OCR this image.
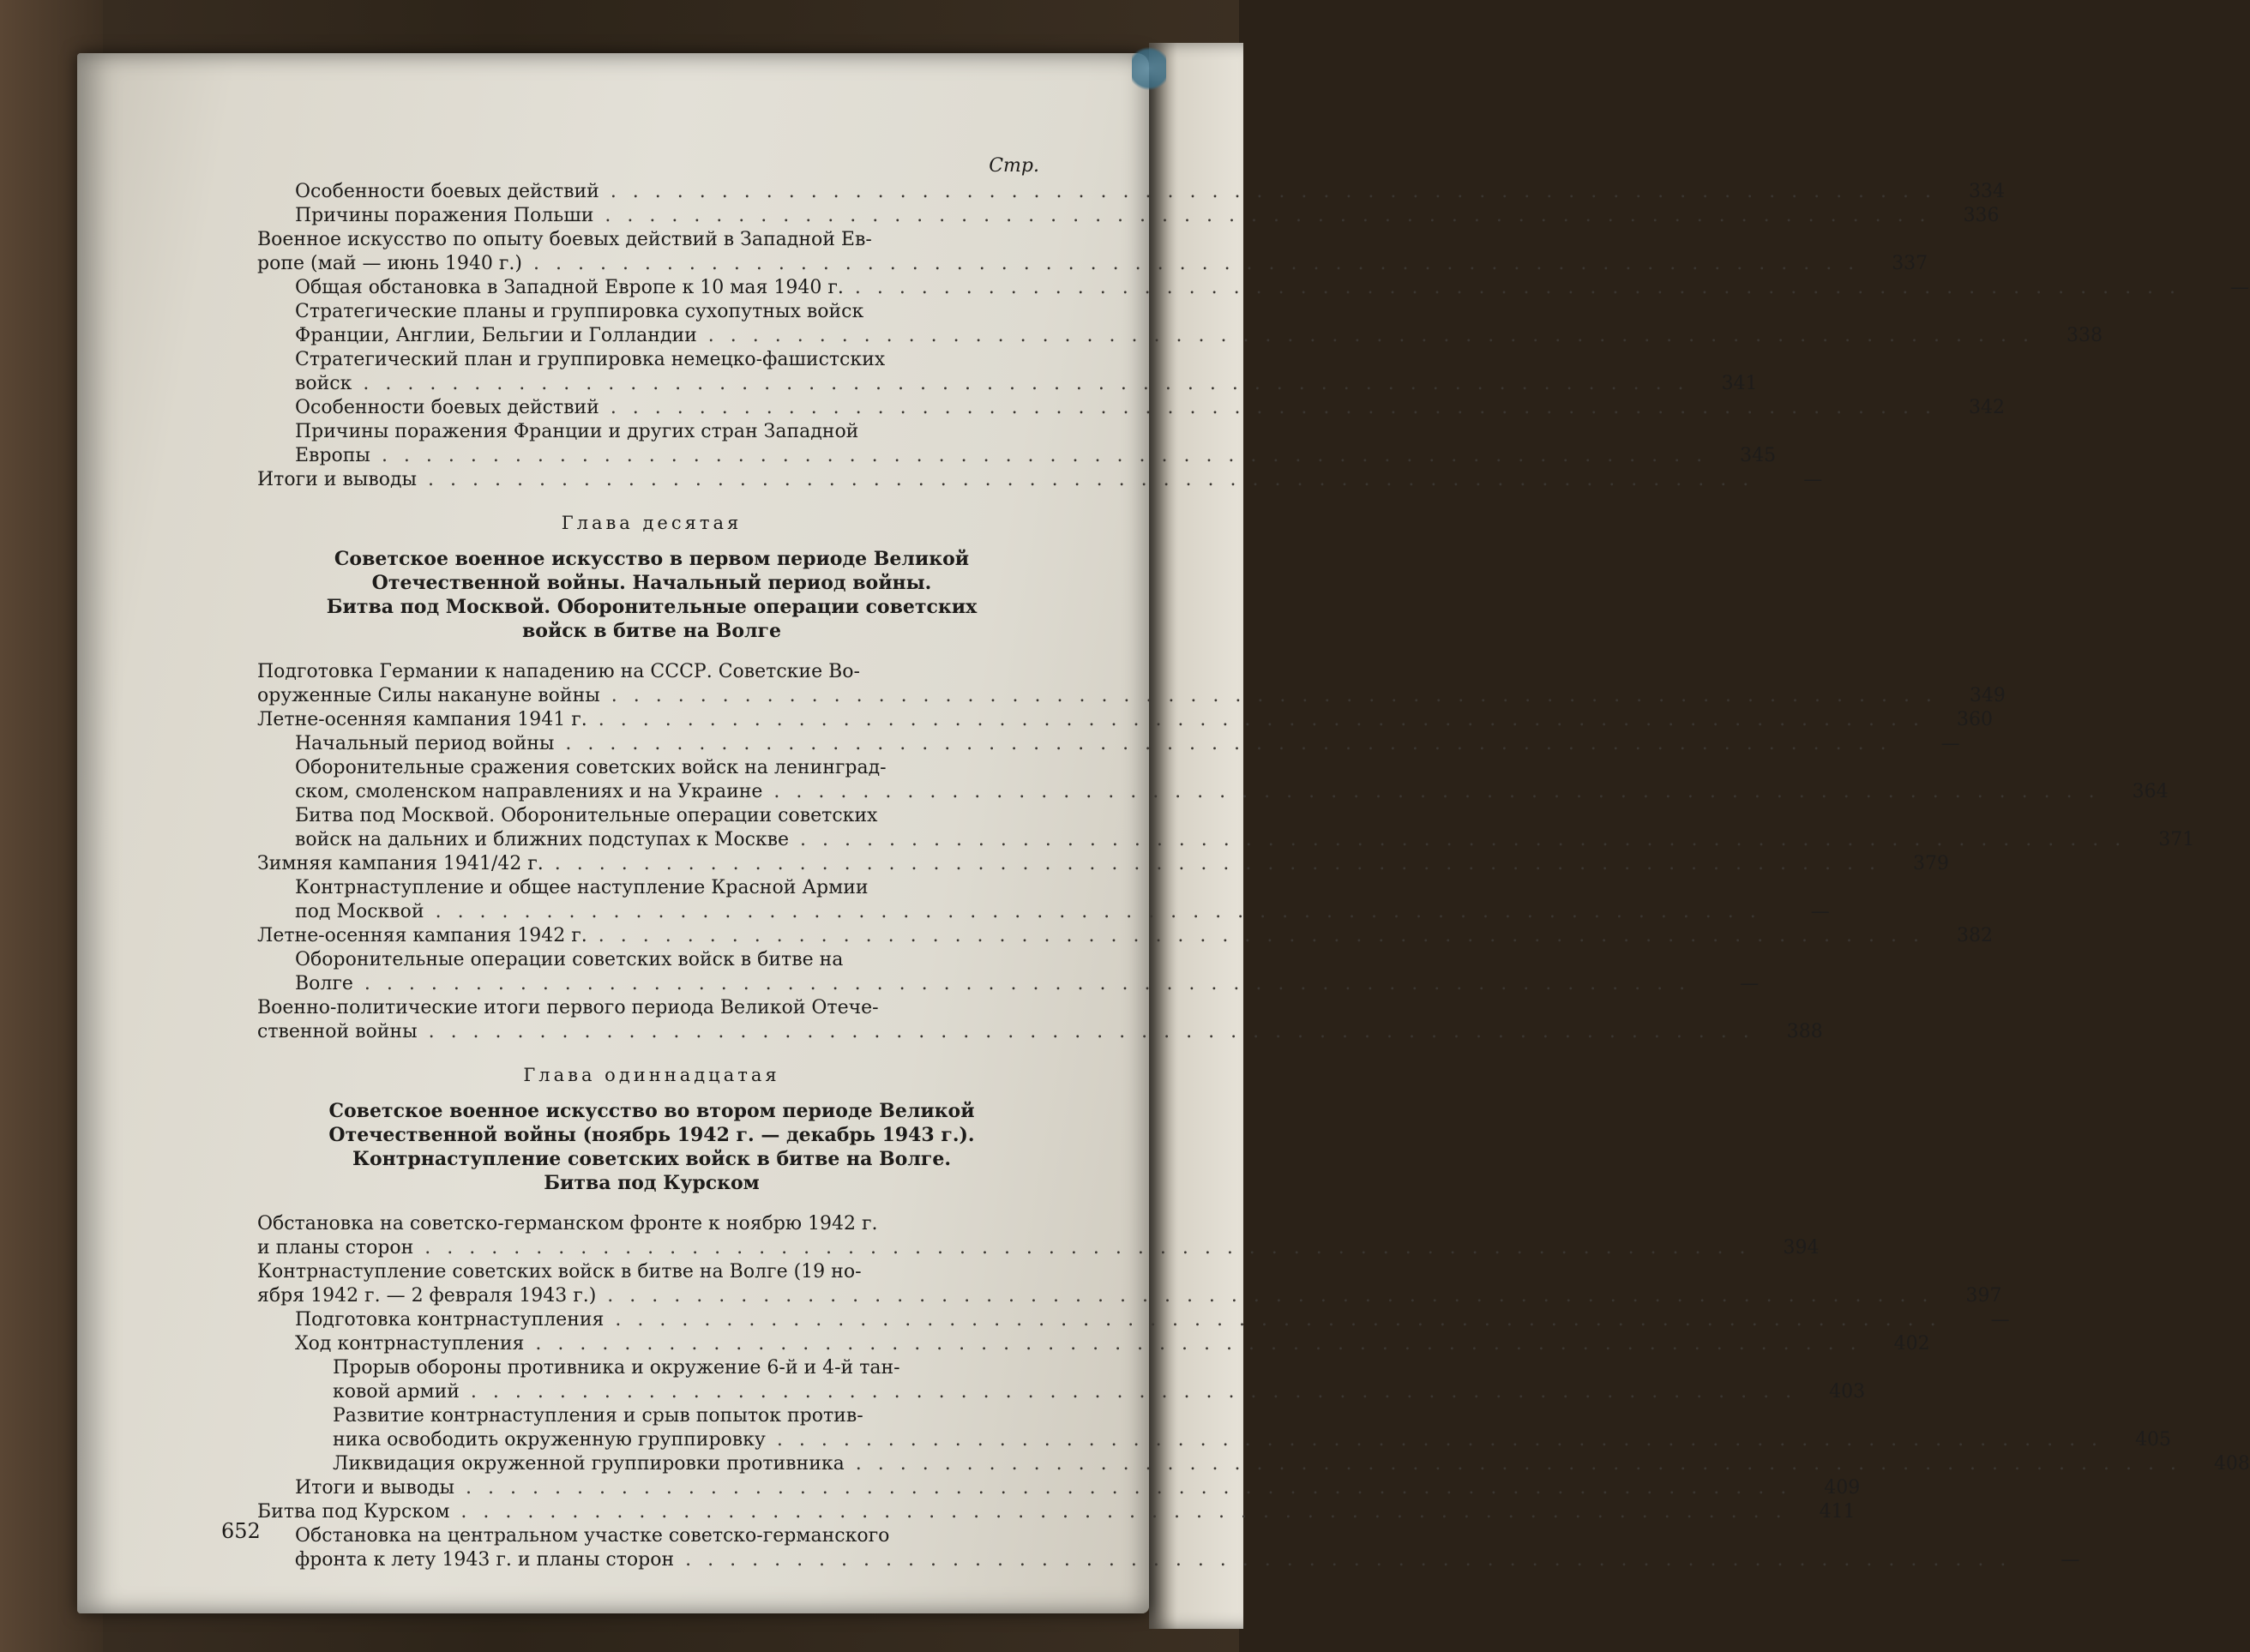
Стр.
Особенности боевых действий . . . . . . . . . . . . . . . . . . . . . . . . . . . . . . . . . . . . . . . . . . . . . . . . . . . . . . . . . . . .	334
Причины поражения Польши . . . . . . . . . . . . . . . . . . . . . . . . . . . . . . . . . . . . . . . . . . . . . . . . . . . . . . . . . . . .	336
Военное искусство по опыту боевых действий в Западной Ев-
ропе (май — июнь 1940 г.) . . . . . . . . . . . . . . . . . . . . . . . . . . . . . . . . . . . . . . . . . . . . . . . . . . . . . . . . . . . .	337
Общая обстановка в Западной Европе к 10 мая 1940 г. . . . . . . . . . . . . . . . . . . . . . . . . . . . . . . . . . . . . . . . . . . . . . . . . . . . . . . . . . . . .	—
Стратегические планы и группировка сухопутных войск
Франции, Англии, Бельгии и Голландии . . . . . . . . . . . . . . . . . . . . . . . . . . . . . . . . . . . . . . . . . . . . . . . . . . . . . . . . . . . .	338
Стратегический план и группировка немецко-фашистских
войск . . . . . . . . . . . . . . . . . . . . . . . . . . . . . . . . . . . . . . . . . . . . . . . . . . . . . . . . . . . .	341
Особенности боевых действий . . . . . . . . . . . . . . . . . . . . . . . . . . . . . . . . . . . . . . . . . . . . . . . . . . . . . . . . . . . .	342
Причины поражения Франции и других стран Западной
Европы . . . . . . . . . . . . . . . . . . . . . . . . . . . . . . . . . . . . . . . . . . . . . . . . . . . . . . . . . . . .	345
Итоги и выводы . . . . . . . . . . . . . . . . . . . . . . . . . . . . . . . . . . . . . . . . . . . . . . . . . . . . . . . . . . . .	—
Глава десятая
Советское военное искусство в первом периоде Великой
Отечественной войны. Начальный период войны.
Битва под Москвой. Оборонительные операции советских
войск в битве на Волге
Подготовка Германии к нападению на СССР. Советские Во-
оруженные Силы накануне войны . . . . . . . . . . . . . . . . . . . . . . . . . . . . . . . . . . . . . . . . . . . . . . . . . . . . . . . . . . . .	349
Летне-осенняя кампания 1941 г. . . . . . . . . . . . . . . . . . . . . . . . . . . . . . . . . . . . . . . . . . . . . . . . . . . . . . . . . . . . .	360
Начальный период войны . . . . . . . . . . . . . . . . . . . . . . . . . . . . . . . . . . . . . . . . . . . . . . . . . . . . . . . . . . . .	—
Оборонительные сражения советских войск на ленинград-
ском, смоленском направлениях и на Украине . . . . . . . . . . . . . . . . . . . . . . . . . . . . . . . . . . . . . . . . . . . . . . . . . . . . . . . . . . . .	364
Битва под Москвой. Оборонительные операции советских
войск на дальних и ближних подступах к Москве . . . . . . . . . . . . . . . . . . . . . . . . . . . . . . . . . . . . . . . . . . . . . . . . . . . . . . . . . . . .	371
Зимняя кампания 1941/42 г. . . . . . . . . . . . . . . . . . . . . . . . . . . . . . . . . . . . . . . . . . . . . . . . . . . . . . . . . . . . .	379
Контрнаступление и общее наступление Красной Армии
под Москвой . . . . . . . . . . . . . . . . . . . . . . . . . . . . . . . . . . . . . . . . . . . . . . . . . . . . . . . . . . . .	—
Летне-осенняя кампания 1942 г. . . . . . . . . . . . . . . . . . . . . . . . . . . . . . . . . . . . . . . . . . . . . . . . . . . . . . . . . . . . .	382
Оборонительные операции советских войск в битве на
Волге . . . . . . . . . . . . . . . . . . . . . . . . . . . . . . . . . . . . . . . . . . . . . . . . . . . . . . . . . . . .	—
Военно-политические итоги первого периода Великой Отече-
ственной войны . . . . . . . . . . . . . . . . . . . . . . . . . . . . . . . . . . . . . . . . . . . . . . . . . . . . . . . . . . . .	388
Глава одиннадцатая
Советское военное искусство во втором периоде Великой
Отечественной войны (ноябрь 1942 г. — декабрь 1943 г.).
Контрнаступление советских войск в битве на Волге.
Битва под Курском
Обстановка на советско-германском фронте к ноябрю 1942 г.
и планы сторон . . . . . . . . . . . . . . . . . . . . . . . . . . . . . . . . . . . . . . . . . . . . . . . . . . . . . . . . . . . .	394
Контрнаступление советских войск в битве на Волге (19 но-
ября 1942 г. — 2 февраля 1943 г.) . . . . . . . . . . . . . . . . . . . . . . . . . . . . . . . . . . . . . . . . . . . . . . . . . . . . . . . . . . . .	397
Подготовка контрнаступления . . . . . . . . . . . . . . . . . . . . . . . . . . . . . . . . . . . . . . . . . . . . . . . . . . . . . . . . . . . .	—
Ход контрнаступления . . . . . . . . . . . . . . . . . . . . . . . . . . . . . . . . . . . . . . . . . . . . . . . . . . . . . . . . . . . .	402
Прорыв обороны противника и окружение 6-й и 4-й тан-
ковой армий . . . . . . . . . . . . . . . . . . . . . . . . . . . . . . . . . . . . . . . . . . . . . . . . . . . . . . . . . . . .	403
Развитие контрнаступления и срыв попыток против-
ника освободить окруженную группировку . . . . . . . . . . . . . . . . . . . . . . . . . . . . . . . . . . . . . . . . . . . . . . . . . . . . . . . . . . . .	405
Ликвидация окруженной группировки противника . . . . . . . . . . . . . . . . . . . . . . . . . . . . . . . . . . . . . . . . . . . . . . . . . . . . . . . . . . . .	408
Итоги и выводы . . . . . . . . . . . . . . . . . . . . . . . . . . . . . . . . . . . . . . . . . . . . . . . . . . . . . . . . . . . .	409
Битва под Курском . . . . . . . . . . . . . . . . . . . . . . . . . . . . . . . . . . . . . . . . . . . . . . . . . . . . . . . . . . . .	411
Обстановка на центральном участке советско-германского
фронта к лету 1943 г. и планы сторон . . . . . . . . . . . . . . . . . . . . . . . . . . . . . . . . . . . . . . . . . . . . . . . . . . . . . . . . . . . .	—
652
